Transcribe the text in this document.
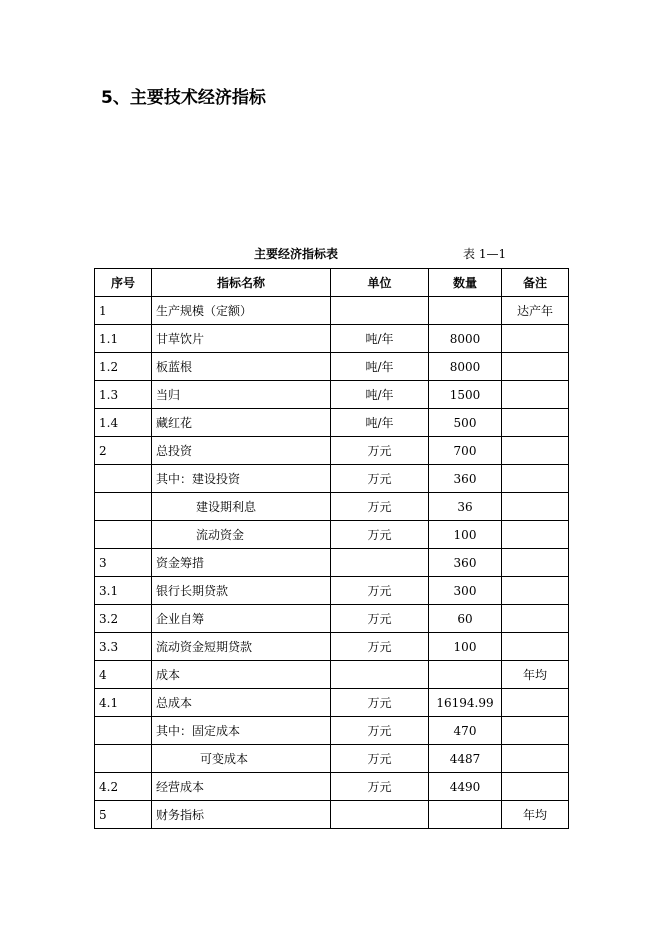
5、主要技术经济指标
主要经济指标表	表 1—1
序号	指标名称	单位	数量	备注
1	生产规模（定额）			达产年
1.1	甘草饮片	吨/年	8000	
1.2	板蓝根	吨/年	8000	
1.3	当归	吨/年	1500	
1.4	藏红花	吨/年	500	
2	总投资	万元	700	
	其中：建设投资	万元	360	
	建设期利息	万元	36	
	流动资金	万元	100	
3	资金筹措		360	
3.1	银行长期贷款	万元	300	
3.2	企业自筹	万元	60	
3.3	流动资金短期贷款	万元	100	
4	成本			年均
4.1	总成本	万元	16194.99	
	其中：固定成本	万元	470	
	可变成本	万元	4487	
4.2	经营成本	万元	4490	
5	财务指标			年均
